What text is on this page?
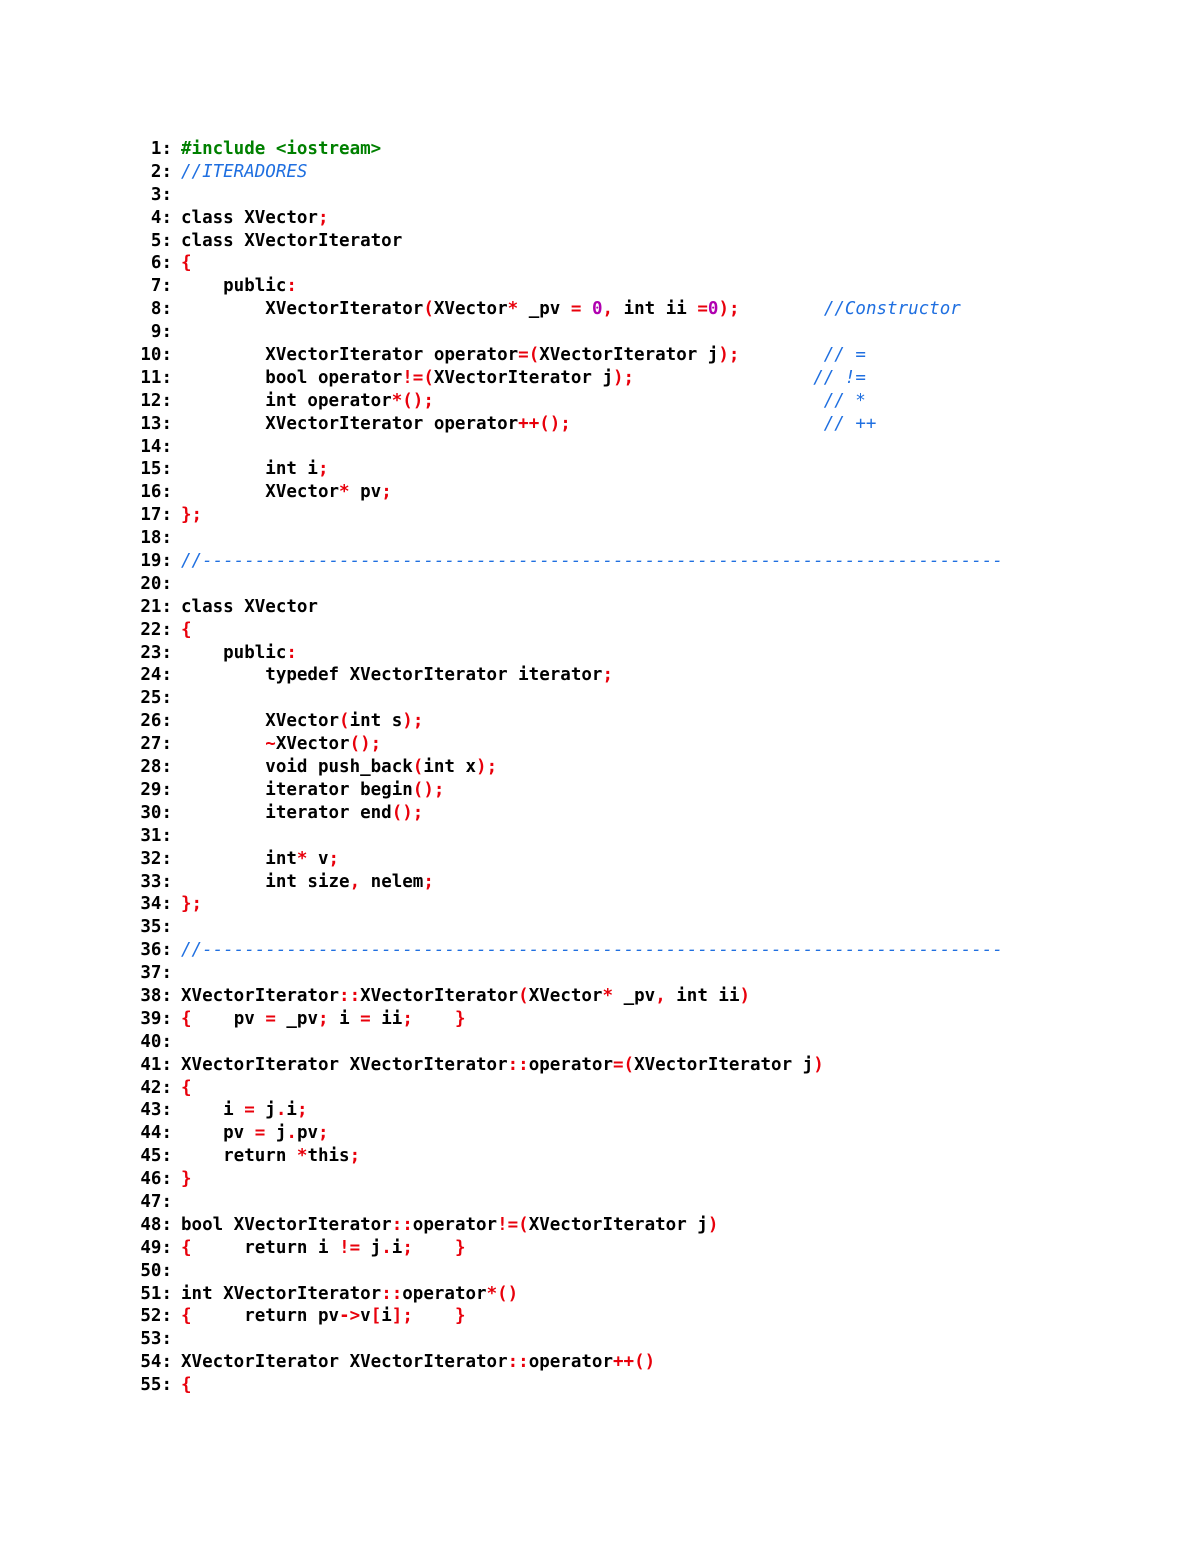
1: #include <iostream>
2: //ITERADORES
3:
4: class XVector;
5: class XVectorIterator
6: {
7: public:
8: XVectorIterator(XVector* _pv = 0, int ii =0);	//Constructor
9:
10: XVectorIterator operator=(XVectorIterator j);	// =
11: bool operator!=(XVectorIterator j);	// !=
12: int operator*();	// *
13: XVectorIterator operator++();	// ++
14:
15: int i;
16: XVector* pv;
17: };
18:
19: //----------------------------------------------------------------------------
20:
21: class XVector
22: {
23: public:
24: typedef XVectorIterator iterator;
25:
26: XVector(int s);
27: ~XVector();
28: void push_back(int x);
29: iterator begin();
30: iterator end();
31:
32: int* v;
33: int size, nelem;
34: };
35:
36: //----------------------------------------------------------------------------
37:
38: XVectorIterator::XVectorIterator(XVector* _pv, int ii)
39: {    pv = _pv; i = ii; }
40:
41: XVectorIterator XVectorIterator::operator=(XVectorIterator j)
42: {
43: i = j.i;
44: pv = j.pv;
45: return *this;
46: }
47:
48: bool XVectorIterator::operator!=(XVectorIterator j)
49: {     return i != j.i; }
50:
51: int XVectorIterator::operator*()
52: {     return pv->v[i]; }
53:
54: XVectorIterator XVectorIterator::operator++()
55: {
